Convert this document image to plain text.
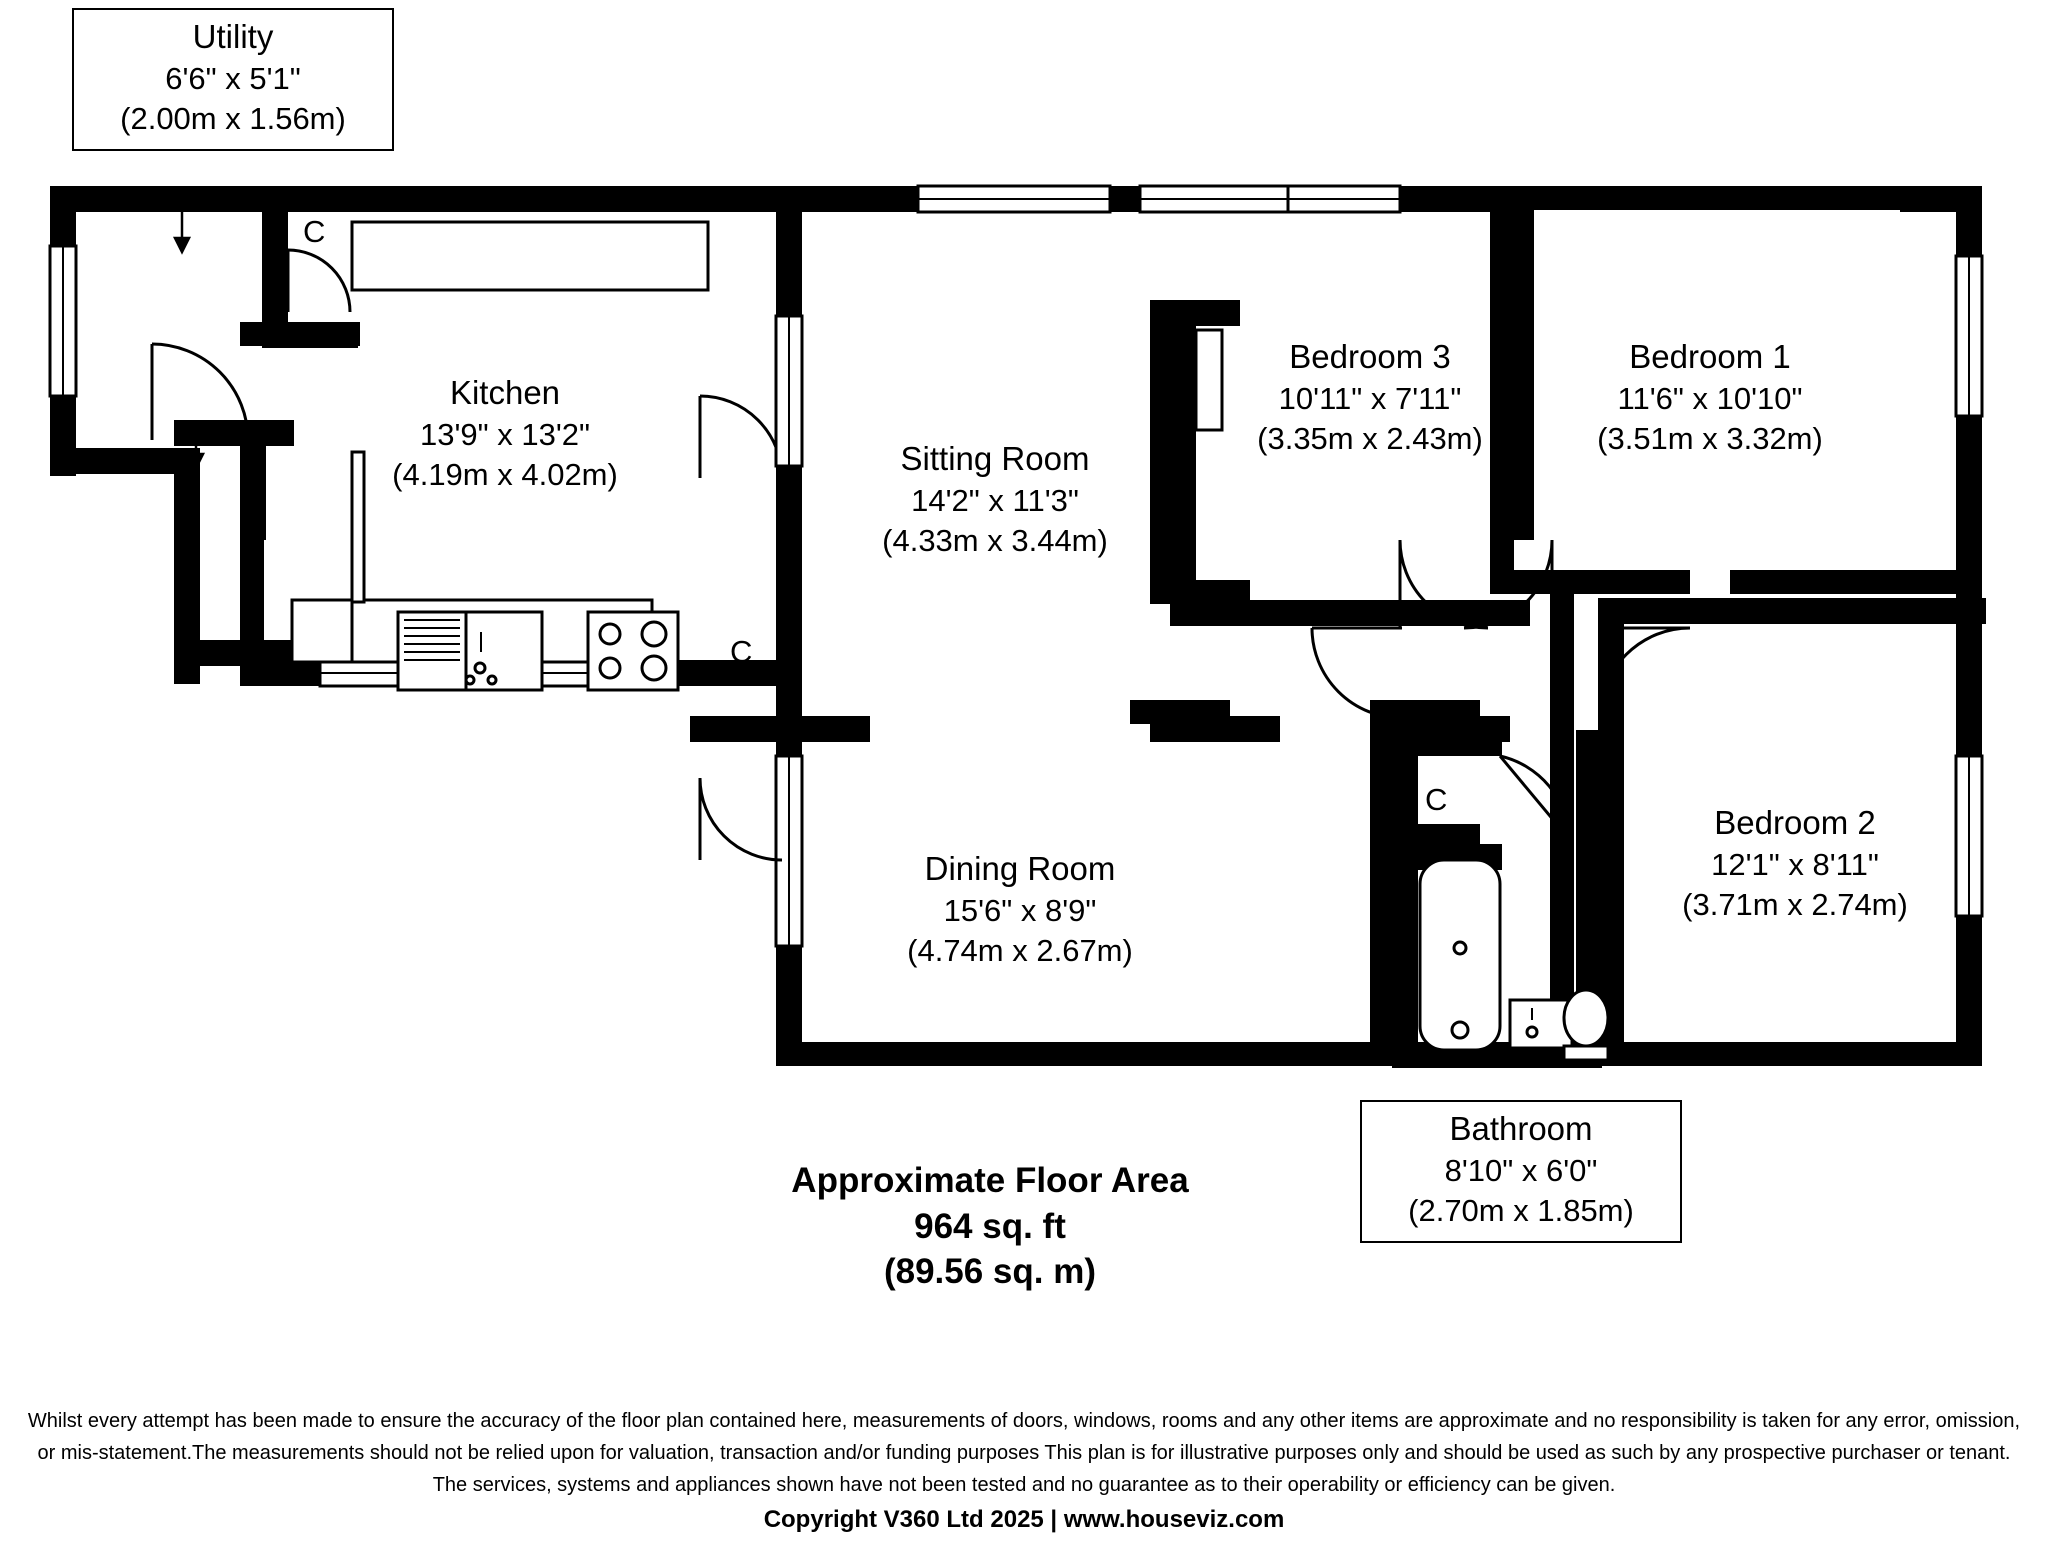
Utility
6'6" x 5'1"
(2.00m x 1.56m)
Kitchen
13'9" x 13'2"
(4.19m x 4.02m)	Sitting Room
14'2" x 11'3"
(4.33m x 3.44m)
Dining Room
15'6" x 8'9"
(4.74m x 2.67m)
Bedroom 3
10'11" x 7'11"
(3.35m x 2.43m)
Bedroom 1
11'6" x 10'10"
(3.51m x 3.32m)
Bedroom 2
12'1" x 8'11"
(3.71m x 2.74m)
Bathroom
8'10" x 6'0"
(2.70m x 1.85m)
C
C
C
Approximate Floor Area
964 sq. ft
(89.56 sq. m)
Whilst every attempt has been made to ensure the accuracy of the floor plan contained here, measurements of doors, windows, rooms and any other items are approximate and no responsibility is taken for any error, omission,
or mis-statement.The measurements should not be relied upon for valuation, transaction and/or funding purposes This plan is for illustrative purposes only and should be used as such by any prospective purchaser or tenant.
The services, systems and appliances shown have not been tested and no guarantee as to their operability or efficiency can be given.
Copyright V360 Ltd 2025 | www.houseviz.com
